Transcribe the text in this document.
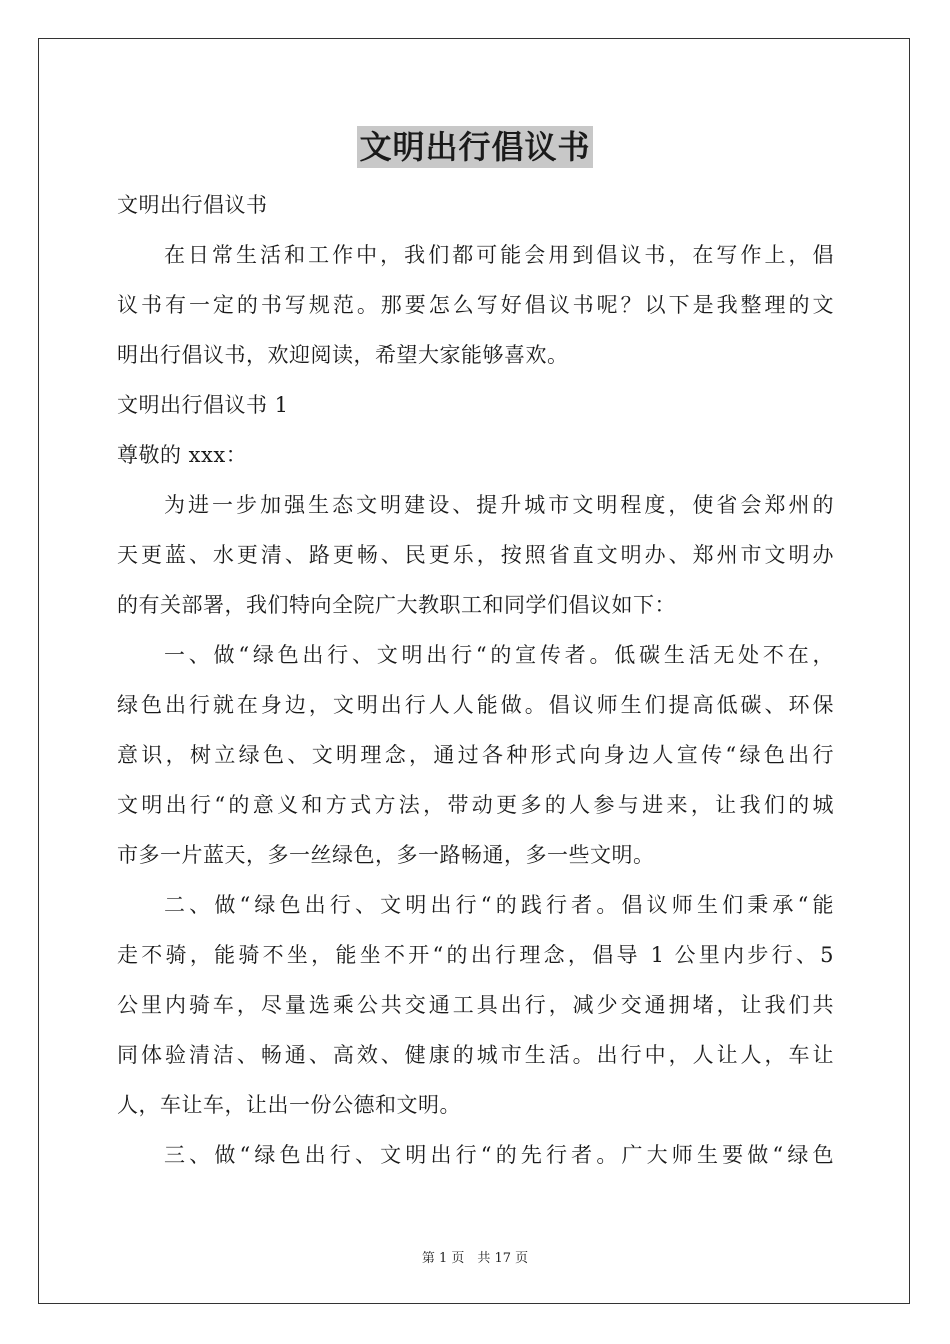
文明出行倡议书
文明出行倡议书
在日常生活和工作中，我们都可能会用到倡议书，在写作上，倡
议书有一定的书写规范。那要怎么写好倡议书呢？以下是我整理的文
明出行倡议书，欢迎阅读，希望大家能够喜欢。
文明出行倡议书 1
尊敬的 xxx：
为进一步加强生态文明建设、提升城市文明程度，使省会郑州的
天更蓝、水更清、路更畅、民更乐，按照省直文明办、郑州市文明办
的有关部署，我们特向全院广大教职工和同学们倡议如下：
一、做“绿色出行、文明出行“的宣传者。低碳生活无处不在，
绿色出行就在身边，文明出行人人能做。倡议师生们提高低碳、环保
意识，树立绿色、文明理念，通过各种形式向身边人宣传“绿色出行
文明出行“的意义和方式方法，带动更多的人参与进来，让我们的城
市多一片蓝天，多一丝绿色，多一路畅通，多一些文明。
二、做“绿色出行、文明出行“的践行者。倡议师生们秉承“能
走不骑，能骑不坐，能坐不开“的出行理念，倡导 1 公里内步行、5
公里内骑车，尽量选乘公共交通工具出行，减少交通拥堵，让我们共
同体验清洁、畅通、高效、健康的城市生活。出行中，人让人，车让
人，车让车，让出一份公德和文明。
三、做“绿色出行、文明出行“的先行者。广大师生要做“绿色
第 1 页　共 17 页
